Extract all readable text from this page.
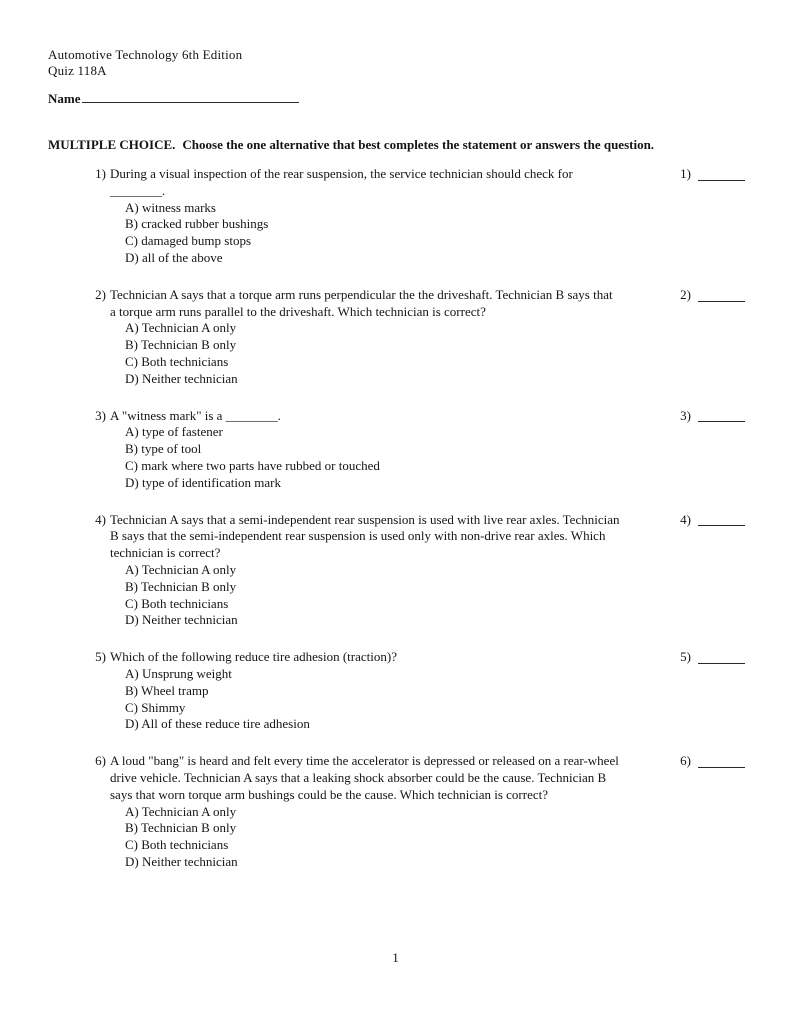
Automotive Technology 6th Edition
Quiz 118A
Name
MULTIPLE CHOICE. Choose the one alternative that best completes the statement or answers the question.
1) During a visual inspection of the rear suspension, the service technician should check for ________.
A) witness marks
B) cracked rubber bushings
C) damaged bump stops
D) all of the above
1)
2) Technician A says that a torque arm runs perpendicular the the driveshaft. Technician B says that a torque arm runs parallel to the driveshaft. Which technician is correct?
A) Technician A only
B) Technician B only
C) Both technicians
D) Neither technician
2)
3) A "witness mark" is a ________.
A) type of fastener
B) type of tool
C) mark where two parts have rubbed or touched
D) type of identification mark
3)
4) Technician A says that a semi-independent rear suspension is used with live rear axles. Technician B says that the semi-independent rear suspension is used only with non-drive rear axles. Which technician is correct?
A) Technician A only
B) Technician B only
C) Both technicians
D) Neither technician
4)
5) Which of the following reduce tire adhesion (traction)?
A) Unsprung weight
B) Wheel tramp
C) Shimmy
D) All of these reduce tire adhesion
5)
6) A loud "bang" is heard and felt every time the accelerator is depressed or released on a rear-wheel drive vehicle. Technician A says that a leaking shock absorber could be the cause. Technician B says that worn torque arm bushings could be the cause. Which technician is correct?
A) Technician A only
B) Technician B only
C) Both technicians
D) Neither technician
6)
1
